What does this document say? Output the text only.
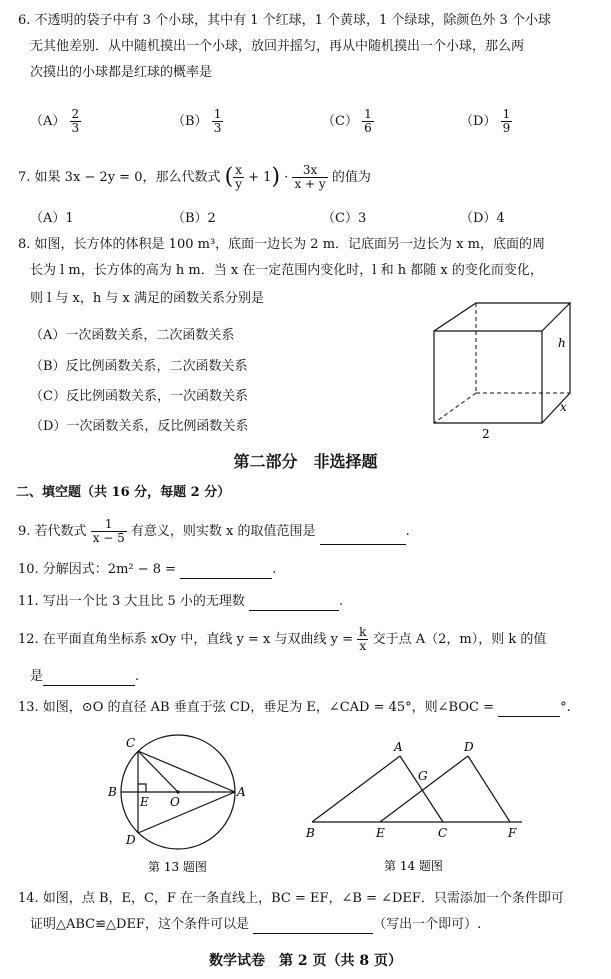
6. 不透明的袋子中有 3 个小球，其中有 1 个红球，1 个黄球，1 个绿球，除颜色外 3 个小球
无其他差别．从中随机摸出一个小球，放回并摇匀，再从中随机摸出一个小球，那么两
次摸出的小球都是红球的概率是
$(A) \frac{2}{3}$	$(B) \frac{1}{3}$	$(C) \frac{1}{6}$	$(D) \frac{1}{9}$
7. 如果 3x − 2y = 0，那么代数式 ( $\frac{x}{y} + 1) \cdot \frac{3x}{x + y}$ 的值为
（A）1	（B）2	（C）3	（D）4
8. 如图，长方体的体积是 100 m³，底面一边长为 2 m．记底面另一边长为 x m，底面的周
长为 l m，长方体的高为 h m．当 x 在一定范围内变化时，l 和 h 都随 x 的变化而变化，
则 l 与 x，h 与 x 满足的函数关系分别是
（A）一次函数关系，二次函数关系
（B）反比例函数关系，二次函数关系
（C）反比例函数关系，一次函数关系
（D）一次函数关系，反比例函数关系
h
x
2
第二部分　非选择题
二、填空题（共 16 分，每题 2 分）
9. 若代数式 $\frac{1}{x - 5}$ 有意义，则实数 x 的取值范围是	.
10. 分解因式：2m² − 8 =	.
11. 写出一个比 3 大且比 5 小的无理数	.
12. 在平面直角坐标系 xOy 中，直线 y = x 与双曲线 $y = \frac{k}{x}$ 交于点 A（2，m），则 k 的值
是	.
13. 如图，⊙O 的直径 AB 垂直于弦 CD，垂足为 E，∠CAD = 45°，则∠BOC =	°.
C
B
E O
A
D
第 13 题图
A	D
G
B	E	C	F
第 14 题图
14. 如图，点 B，E，C，F 在一条直线上，BC = EF，∠B = ∠DEF．只需添加一个条件即可
证明△ABC≌△DEF，这个条件可以是	（写出一个即可）.
数学试卷　第 2 页（共 8 页）
